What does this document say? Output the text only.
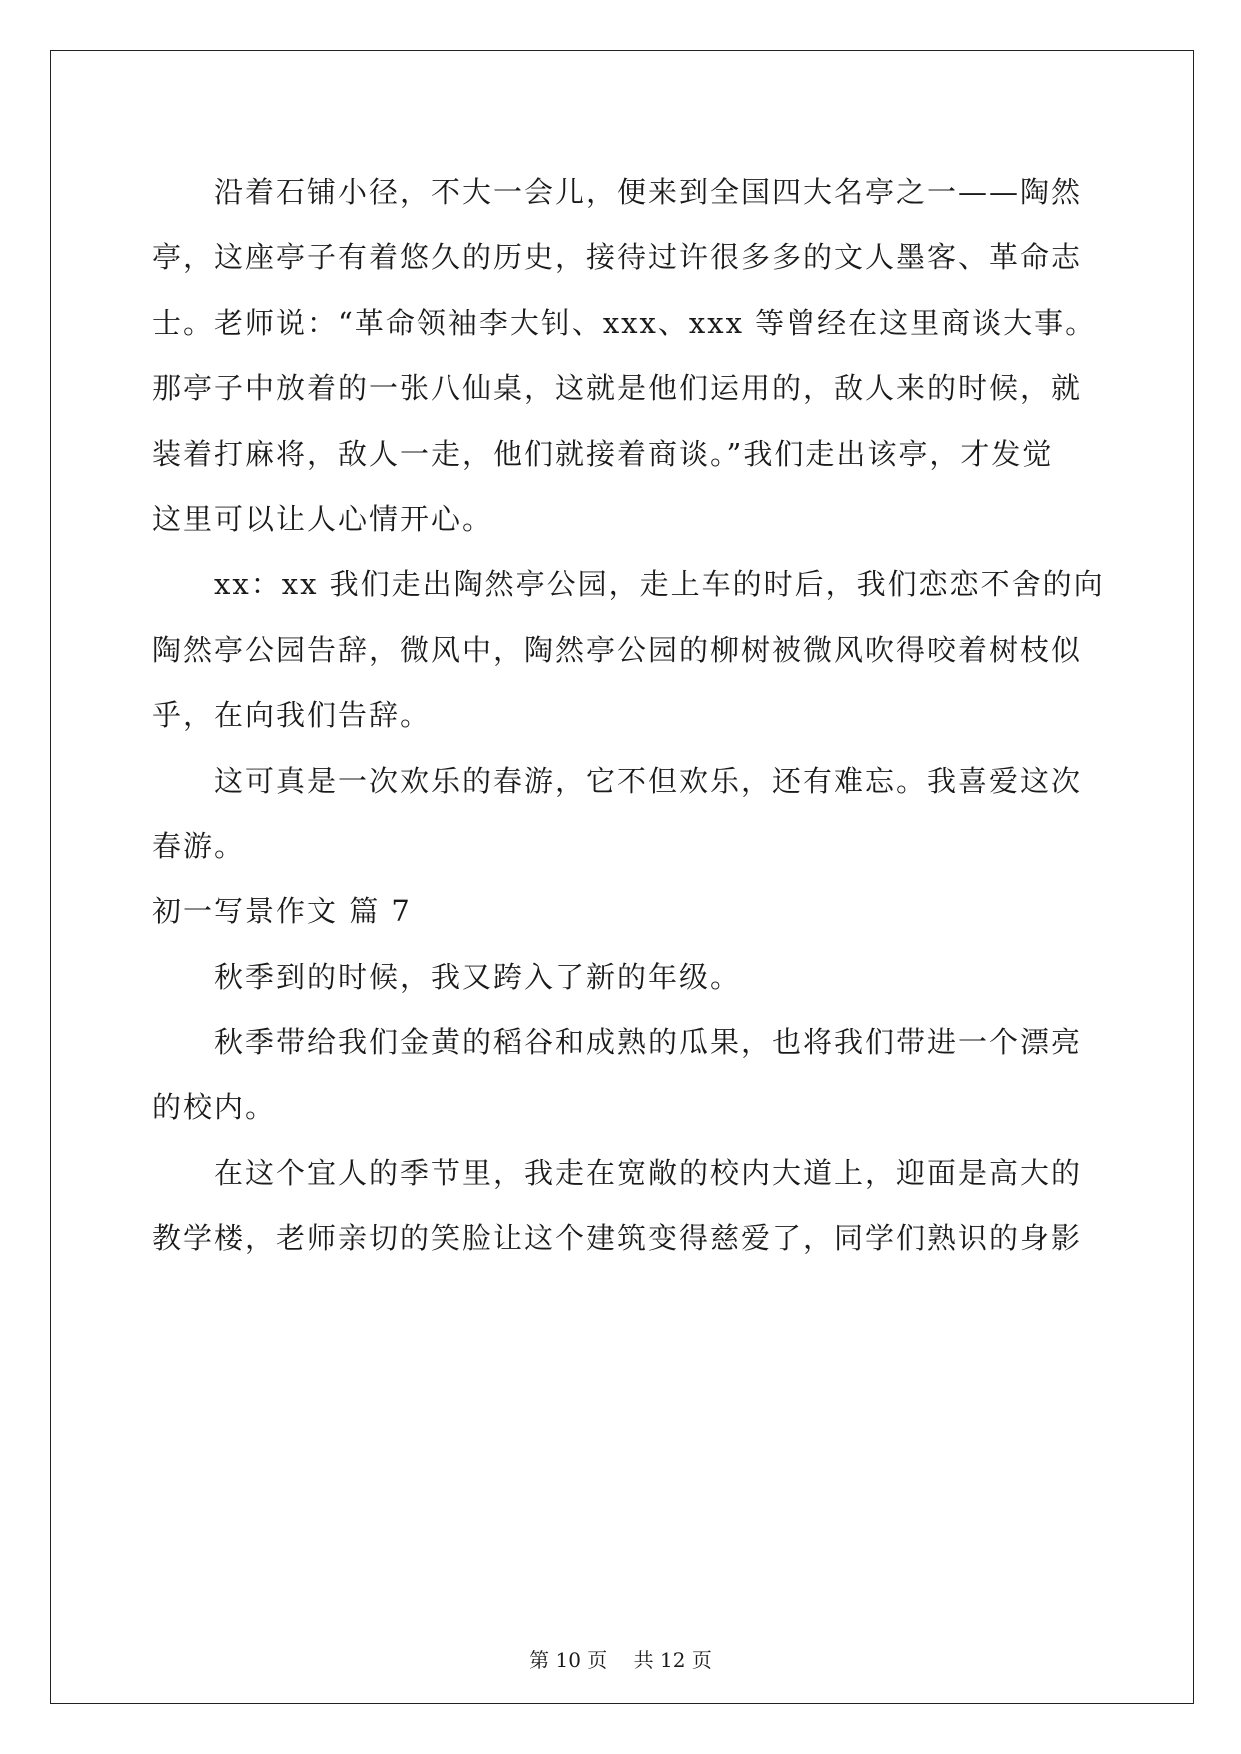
沿着石铺小径，不大一会儿，便来到全国四大名亭之一——陶然
亭，这座亭子有着悠久的历史，接待过许很多多的文人墨客、革命志
士。老师说：“革命领袖李大钊、xxx、xxx 等曾经在这里商谈大事。
那亭子中放着的一张八仙桌，这就是他们运用的，敌人来的时候，就
装着打麻将，敌人一走，他们就接着商谈。”我们走出该亭，才发觉
这里可以让人心情开心。
xx：xx 我们走出陶然亭公园，走上车的时后，我们恋恋不舍的向
陶然亭公园告辞，微风中，陶然亭公园的柳树被微风吹得咬着树枝似
乎，在向我们告辞。
这可真是一次欢乐的春游，它不但欢乐，还有难忘。我喜爱这次
春游。
初一写景作文 篇 7
秋季到的时候，我又跨入了新的年级。
秋季带给我们金黄的稻谷和成熟的瓜果，也将我们带进一个漂亮
的校内。
在这个宜人的季节里，我走在宽敞的校内大道上，迎面是高大的
教学楼，老师亲切的笑脸让这个建筑变得慈爱了，同学们熟识的身影
第 10 页 共 12 页
